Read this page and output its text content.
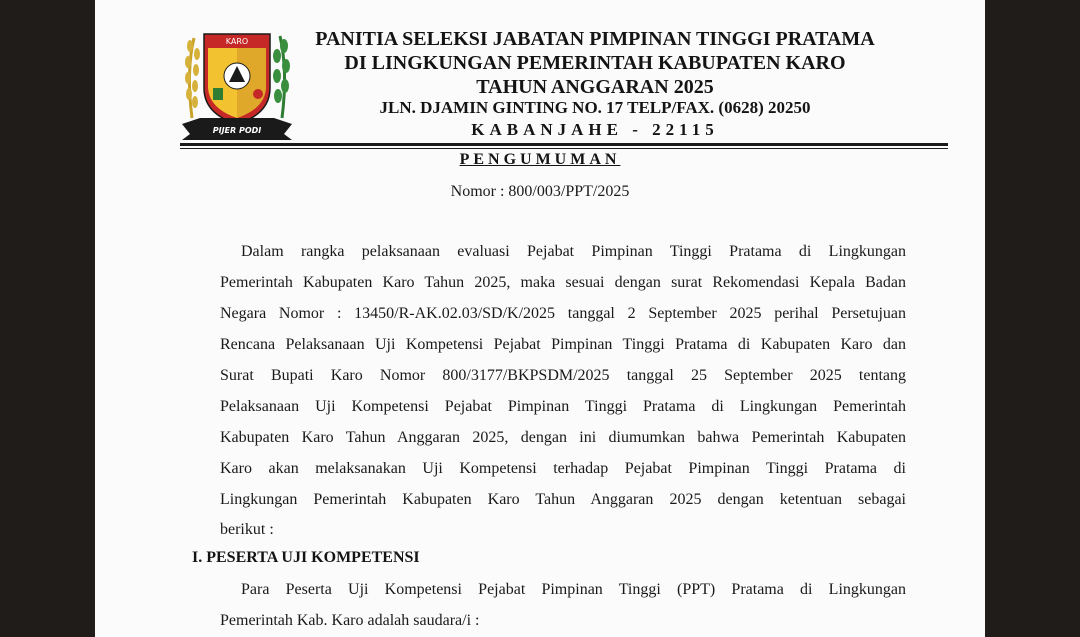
KARO
PIJER PODI
PANITIA SELEKSI JABATAN PIMPINAN TINGGI PRATAMA
DI LINGKUNGAN PEMERINTAH KABUPATEN KARO
TAHUN ANGGARAN 2025
JLN. DJAMIN GINTING NO. 17 TELP/FAX. (0628) 20250
KABANJAHE - 22115
PENGUMUMAN
Nomor : 800/003/PPT/2025
Dalam rangka pelaksanaan evaluasi Pejabat Pimpinan Tinggi Pratama di Lingkungan
Pemerintah Kabupaten Karo Tahun 2025, maka sesuai dengan surat Rekomendasi Kepala Badan
Negara Nomor : 13450/R-AK.02.03/SD/K/2025 tanggal 2 September 2025 perihal Persetujuan
Rencana Pelaksanaan Uji Kompetensi Pejabat Pimpinan Tinggi Pratama di Kabupaten Karo dan
Surat Bupati Karo Nomor 800/3177/BKPSDM/2025 tanggal 25 September 2025 tentang
Pelaksanaan Uji Kompetensi Pejabat Pimpinan Tinggi Pratama di Lingkungan Pemerintah
Kabupaten Karo Tahun Anggaran 2025, dengan ini diumumkan bahwa Pemerintah Kabupaten
Karo akan melaksanakan Uji Kompetensi terhadap Pejabat Pimpinan Tinggi Pratama di
Lingkungan Pemerintah Kabupaten Karo Tahun Anggaran 2025 dengan ketentuan sebagai
berikut :
I. PESERTA UJI KOMPETENSI
Para Peserta Uji Kompetensi Pejabat Pimpinan Tinggi (PPT) Pratama di Lingkungan
Pemerintah Kab. Karo adalah saudara/i :
